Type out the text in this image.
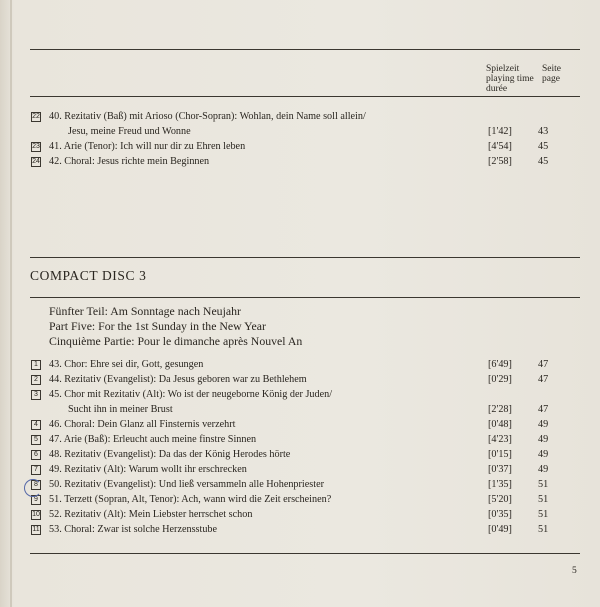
Spielzeit
playing time
durée
Seite
page
22 40. Rezitativ (Baß) mit Arioso (Chor-Sopran): Wohlan, dein Name soll allein/
Jesu, meine Freud und Wonne	[1'42]	43
23 41. Arie (Tenor): Ich will nur dir zu Ehren leben	[4'54]	45
24 42. Choral: Jesus richte mein Beginnen	[2'58]	45
COMPACT DISC 3
Fünfter Teil: Am Sonntage nach Neujahr
Part Five: For the 1st Sunday in the New Year
Cinquième Partie: Pour le dimanche après Nouvel An
1 43. Chor: Ehre sei dir, Gott, gesungen	[6'49]	47
2 44. Rezitativ (Evangelist): Da Jesus geboren war zu Bethlehem	[0'29]	47
3 45. Chor mit Rezitativ (Alt): Wo ist der neugeborne König der Juden/
Sucht ihn in meiner Brust	[2'28]	47
4 46. Choral: Dein Glanz all Finsternis verzehrt	[0'48]	49
5 47. Arie (Baß): Erleucht auch meine finstre Sinnen	[4'23]	49
6 48. Rezitativ (Evangelist): Da das der König Herodes hörte	[0'15]	49
7 49. Rezitativ (Alt): Warum wollt ihr erschrecken	[0'37]	49
8 50. Rezitativ (Evangelist): Und ließ versammeln alle Hohenpriester	[1'35]	51
9 51. Terzett (Sopran, Alt, Tenor): Ach, wann wird die Zeit erscheinen?	[5'20]	51
10 52. Rezitativ (Alt): Mein Liebster herrschet schon	[0'35]	51
11 53. Choral: Zwar ist solche Herzensstube	[0'49]	51
5
